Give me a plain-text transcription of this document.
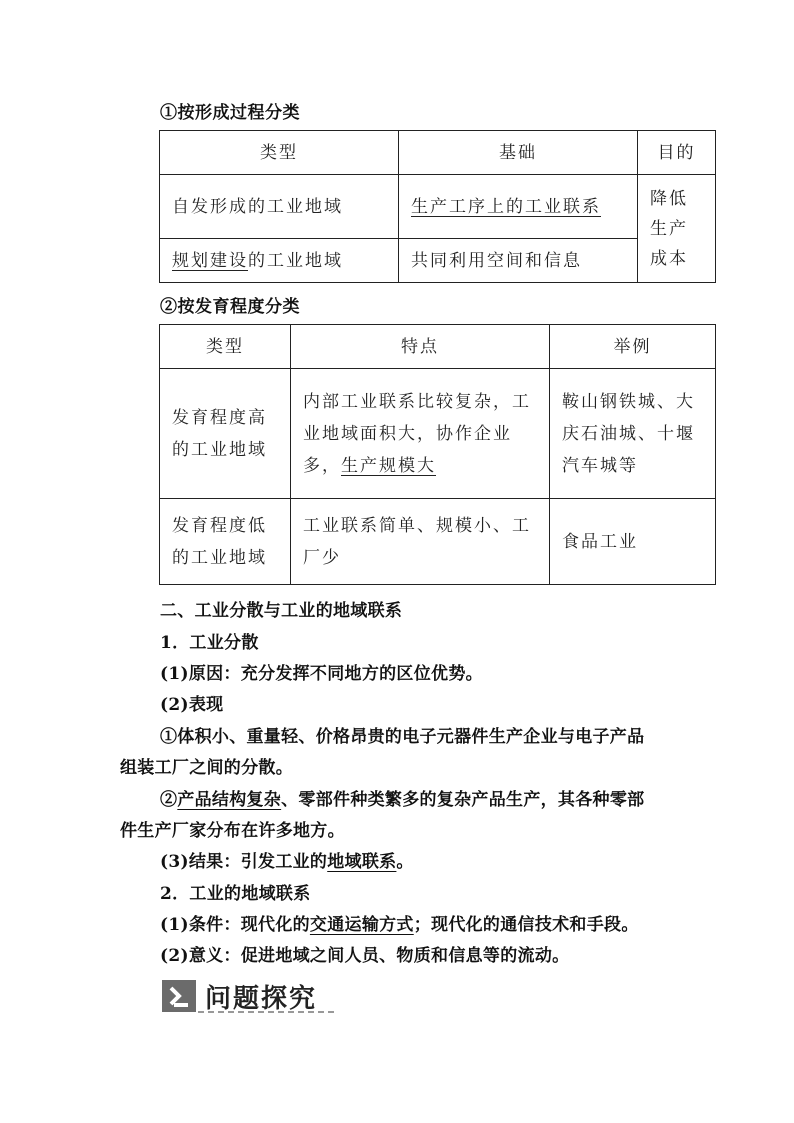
①按形成过程分类
类型	基础	目的
自发形成的工业地域	生产工序上的工业联系	降低生产成本
规划建设的工业地域	共同利用空间和信息	
②按发育程度分类
类型	特点	举例
发育程度高的工业地域	内部工业联系比较复杂，工业地域面积大，协作企业多，生产规模大	鞍山钢铁城、大庆石油城、十堰汽车城等
发育程度低的工业地域	工业联系简单、规模小、工厂少	食品工业
二、工业分散与工业的地域联系
1．工业分散
(1)原因：充分发挥不同地方的区位优势。
(2)表现
①体积小、重量轻、价格昂贵的电子元器件生产企业与电子产品
组装工厂之间的分散。
②产品结构复杂、零部件种类繁多的复杂产品生产，其各种零部
件生产厂家分布在许多地方。
(3)结果：引发工业的地域联系。
2．工业的地域联系
(1)条件：现代化的交通运输方式；现代化的通信技术和手段。
(2)意义：促进地域之间人员、物质和信息等的流动。
问题探究
